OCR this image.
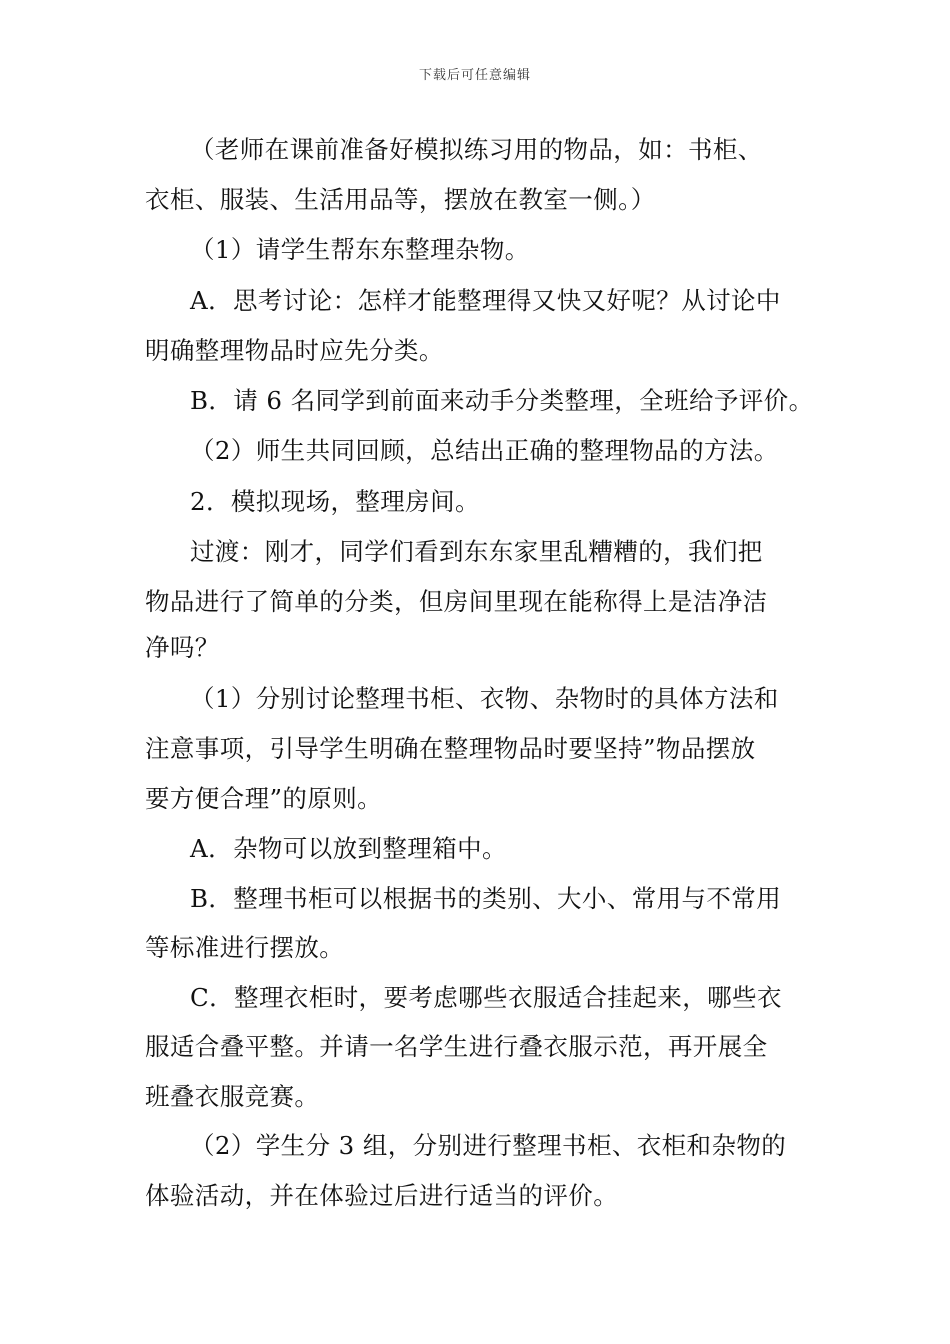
下载后可任意编辑
（老师在课前准备好模拟练习用的物品，如：书柜、
衣柜、服装、生活用品等，摆放在教室一侧。）
（1）请学生帮东东整理杂物。
A．思考讨论：怎样才能整理得又快又好呢？从讨论中
明确整理物品时应先分类。
B．请 6 名同学到前面来动手分类整理，全班给予评价。
（2）师生共同回顾，总结出正确的整理物品的方法。
2．模拟现场，整理房间。
过渡：刚才，同学们看到东东家里乱糟糟的，我们把
物品进行了简单的分类，但房间里现在能称得上是洁净洁
净吗？
（1）分别讨论整理书柜、衣物、杂物时的具体方法和
注意事项，引导学生明确在整理物品时要坚持”物品摆放
要方便合理”的原则。
A．杂物可以放到整理箱中。
B．整理书柜可以根据书的类别、大小、常用与不常用
等标准进行摆放。
C．整理衣柜时，要考虑哪些衣服适合挂起来，哪些衣
服适合叠平整。并请一名学生进行叠衣服示范，再开展全
班叠衣服竞赛。
（2）学生分 3 组，分别进行整理书柜、衣柜和杂物的
体验活动，并在体验过后进行适当的评价。
